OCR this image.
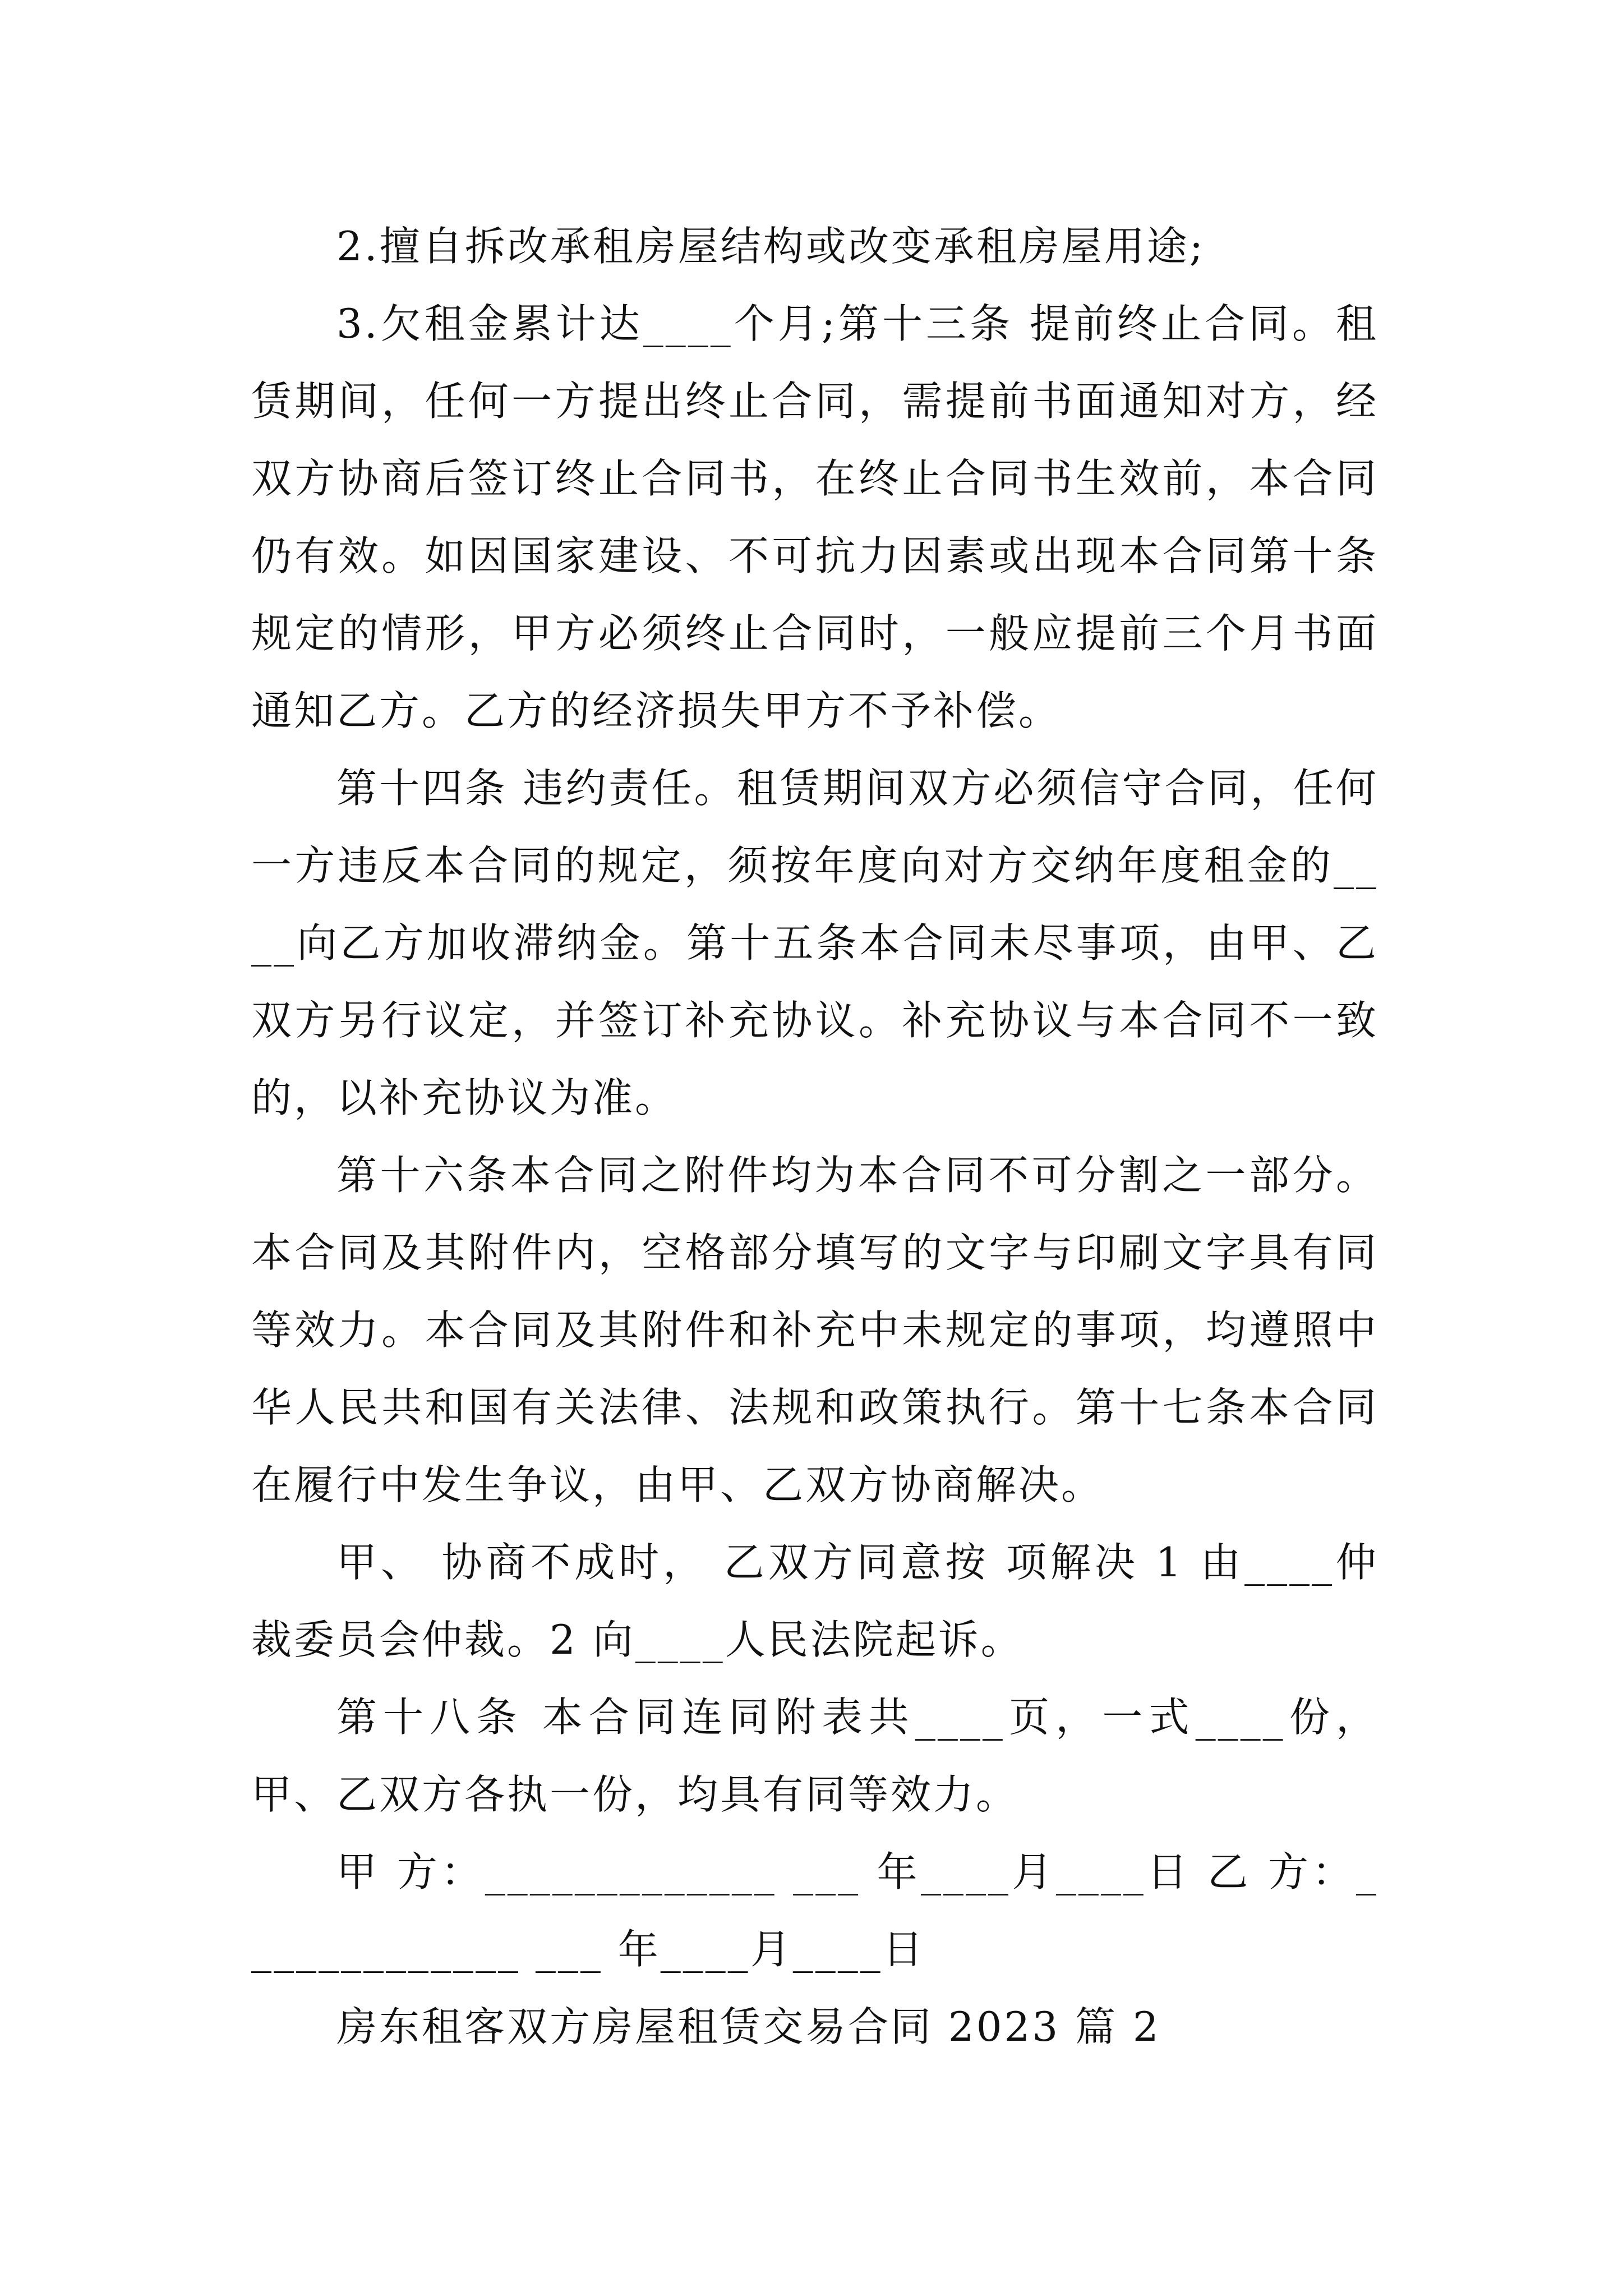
2.擅自拆改承租房屋结构或改变承租房屋用途;

3.欠租金累计达____个月;第十三条 提前终止合同。租赁期间，任何一方提出终止合同，需提前书面通知对方，经双方协商后签订终止合同书，在终止合同书生效前，本合同仍有效。如因国家建设、不可抗力因素或出现本合同第十条规定的情形，甲方必须终止合同时，一般应提前三个月书面通知乙方。乙方的经济损失甲方不予补偿。

第十四条 违约责任。租赁期间双方必须信守合同，任何一方违反本合同的规定，须按年度向对方交纳年度租金的____向乙方加收滞纳金。第十五条本合同未尽事项，由甲、乙双方另行议定，并签订补充协议。补充协议与本合同不一致的，以补充协议为准。

第十六条本合同之附件均为本合同不可分割之一部分。本合同及其附件内，空格部分填写的文字与印刷文字具有同等效力。本合同及其附件和补充中未规定的事项，均遵照中华人民共和国有关法律、法规和政策执行。第十七条本合同在履行中发生争议，由甲、乙双方协商解决。

甲、 协商不成时， 乙双方同意按 项解决 1 由____仲裁委员会仲裁。2 向____人民法院起诉。

第十八条 本合同连同附表共____页，一式____份，甲、乙双方各执一份，均具有同等效力。

甲 方：_____________ ___ 年____月____日 乙 方：_____________ ___ 年____月____日

房东租客双方房屋租赁交易合同 2023 篇 2
